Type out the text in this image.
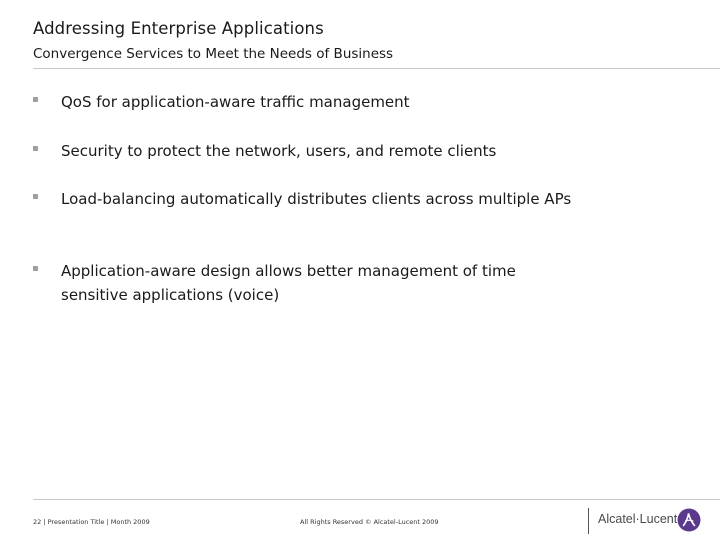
Addressing Enterprise Applications
Convergence Services to Meet the Needs of Business
QoS for application-aware traffic management
Security to protect the network, users, and remote clients
Load-balancing automatically distributes clients across multiple APs
Application-aware design allows better management of time sensitive applications (voice)
22 | Presentation Title | Month 2009	All Rights Reserved © Alcatel-Lucent 2009	Alcatel·Lucent
